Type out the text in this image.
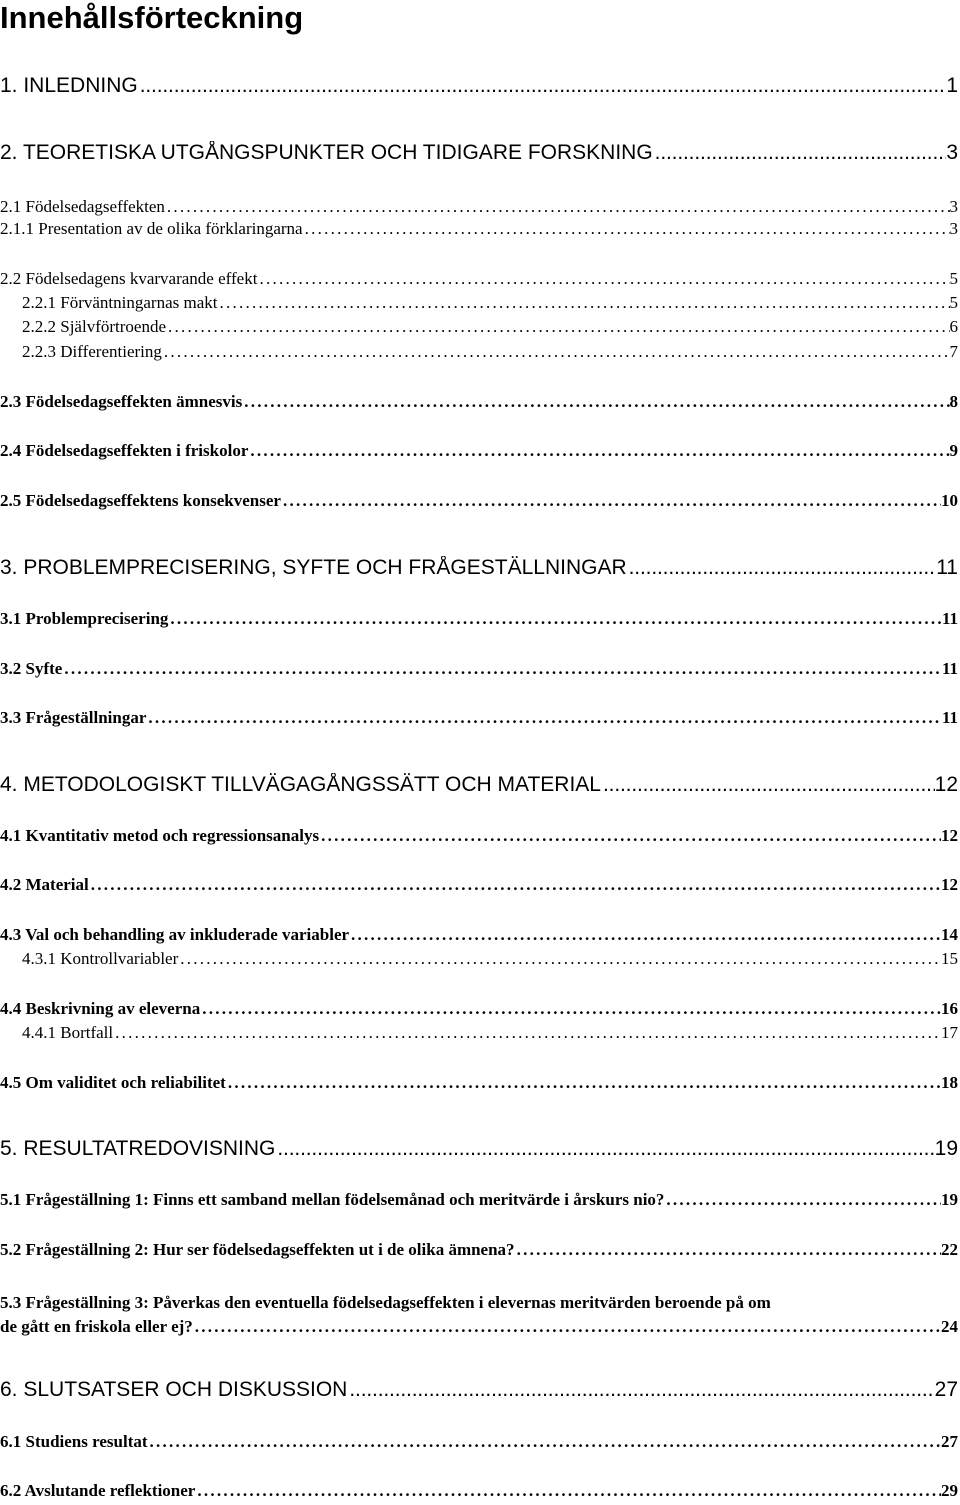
Innehållsförteckning
1. INLEDNING . . .	1
2. TEORETISKA UTGÅNGSPUNKTER OCH TIDIGARE FORSKNING . . .	3
2.1 Födelsedagseffekten . . .	3
2.1.1 Presentation av de olika förklaringarna . . .	3
2.2 Födelsedagens kvarvarande effekt . . .	5
2.2.1 Förväntningarnas makt . . .	5
2.2.2 Självförtroende . . .	6
2.2.3 Differentiering . . .	7
2.3 Födelsedagseffekten ämnesvis . . .	8
2.4 Födelsedagseffekten i friskolor . . .	9
2.5 Födelsedagseffektens konsekvenser . . .	10
3. PROBLEMPRECISERING, SYFTE OCH FRÅGESTÄLLNINGAR . . .	11
3.1 Problemprecisering . . .	11
3.2 Syfte . . .	11
3.3 Frågeställningar . . .	11
4. METODOLOGISKT TILLVÄGAGÅNGSSÄTT OCH MATERIAL . . .	12
4.1 Kvantitativ metod och regressionsanalys . . .	12
4.2 Material . . .	12
4.3 Val och behandling av inkluderade variabler . . .	14
4.3.1 Kontrollvariabler . . .	15
4.4 Beskrivning av eleverna . . .	16
4.4.1 Bortfall . . .	17
4.5 Om validitet och reliabilitet . . .	18
5. RESULTATREDOVISNING . . .	19
5.1 Frågeställning 1: Finns ett samband mellan födelsemånad och meritvärde i årskurs nio? . . .	19
5.2 Frågeställning 2: Hur ser födelsedagseffekten ut i de olika ämnena? . . .	22
5.3 Frågeställning 3: Påverkas den eventuella födelsedagseffekten i elevernas meritvärden beroende på om
de gått en friskola eller ej? . . .	24
6. SLUTSATSER OCH DISKUSSION . . .	27
6.1 Studiens resultat . . .	27
6.2 Avslutande reflektioner . . .	29
